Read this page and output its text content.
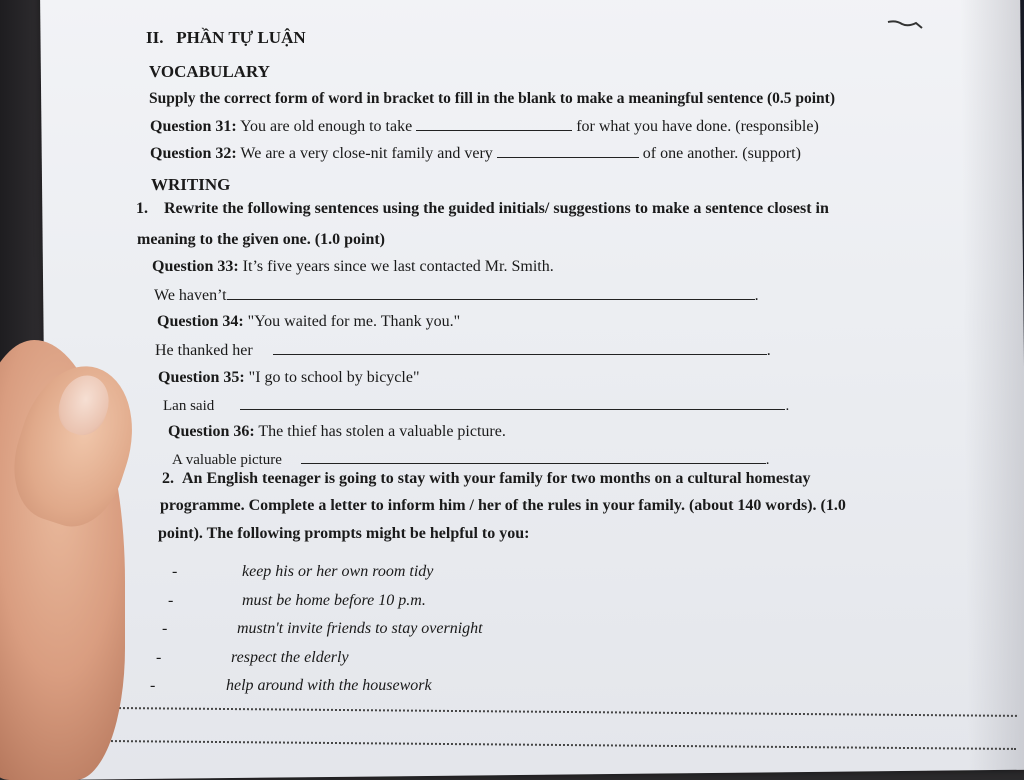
II. PHẦN TỰ LUẬN
VOCABULARY
Supply the correct form of word in bracket to fill in the blank to make a meaningful sentence (0.5 point)
Question 31: You are old enough to take	for what you have done. (responsible)
Question 32: We are a very close-nit family and very	of one another. (support)
WRITING
1. Rewrite the following sentences using the guided initials/ suggestions to make a sentence closest in
meaning to the given one. (1.0 point)
Question 33: It’s five years since we last contacted Mr. Smith.
We haven’t	.
Question 34: "You waited for me. Thank you."
He thanked her	.
Question 35: "I go to school by bicycle"
Lan said	.
Question 36: The thief has stolen a valuable picture.
A valuable picture	.
2. An English teenager is going to stay with your family for two months on a cultural homestay
programme. Complete a letter to inform him / her of the rules in your family. (about 140 words). (1.0
point). The following prompts might be helpful to you:
-	keep his or her own room tidy
-	must be home before 10 p.m.
-	mustn't invite friends to stay overnight
-	respect the elderly
-	help around with the housework
